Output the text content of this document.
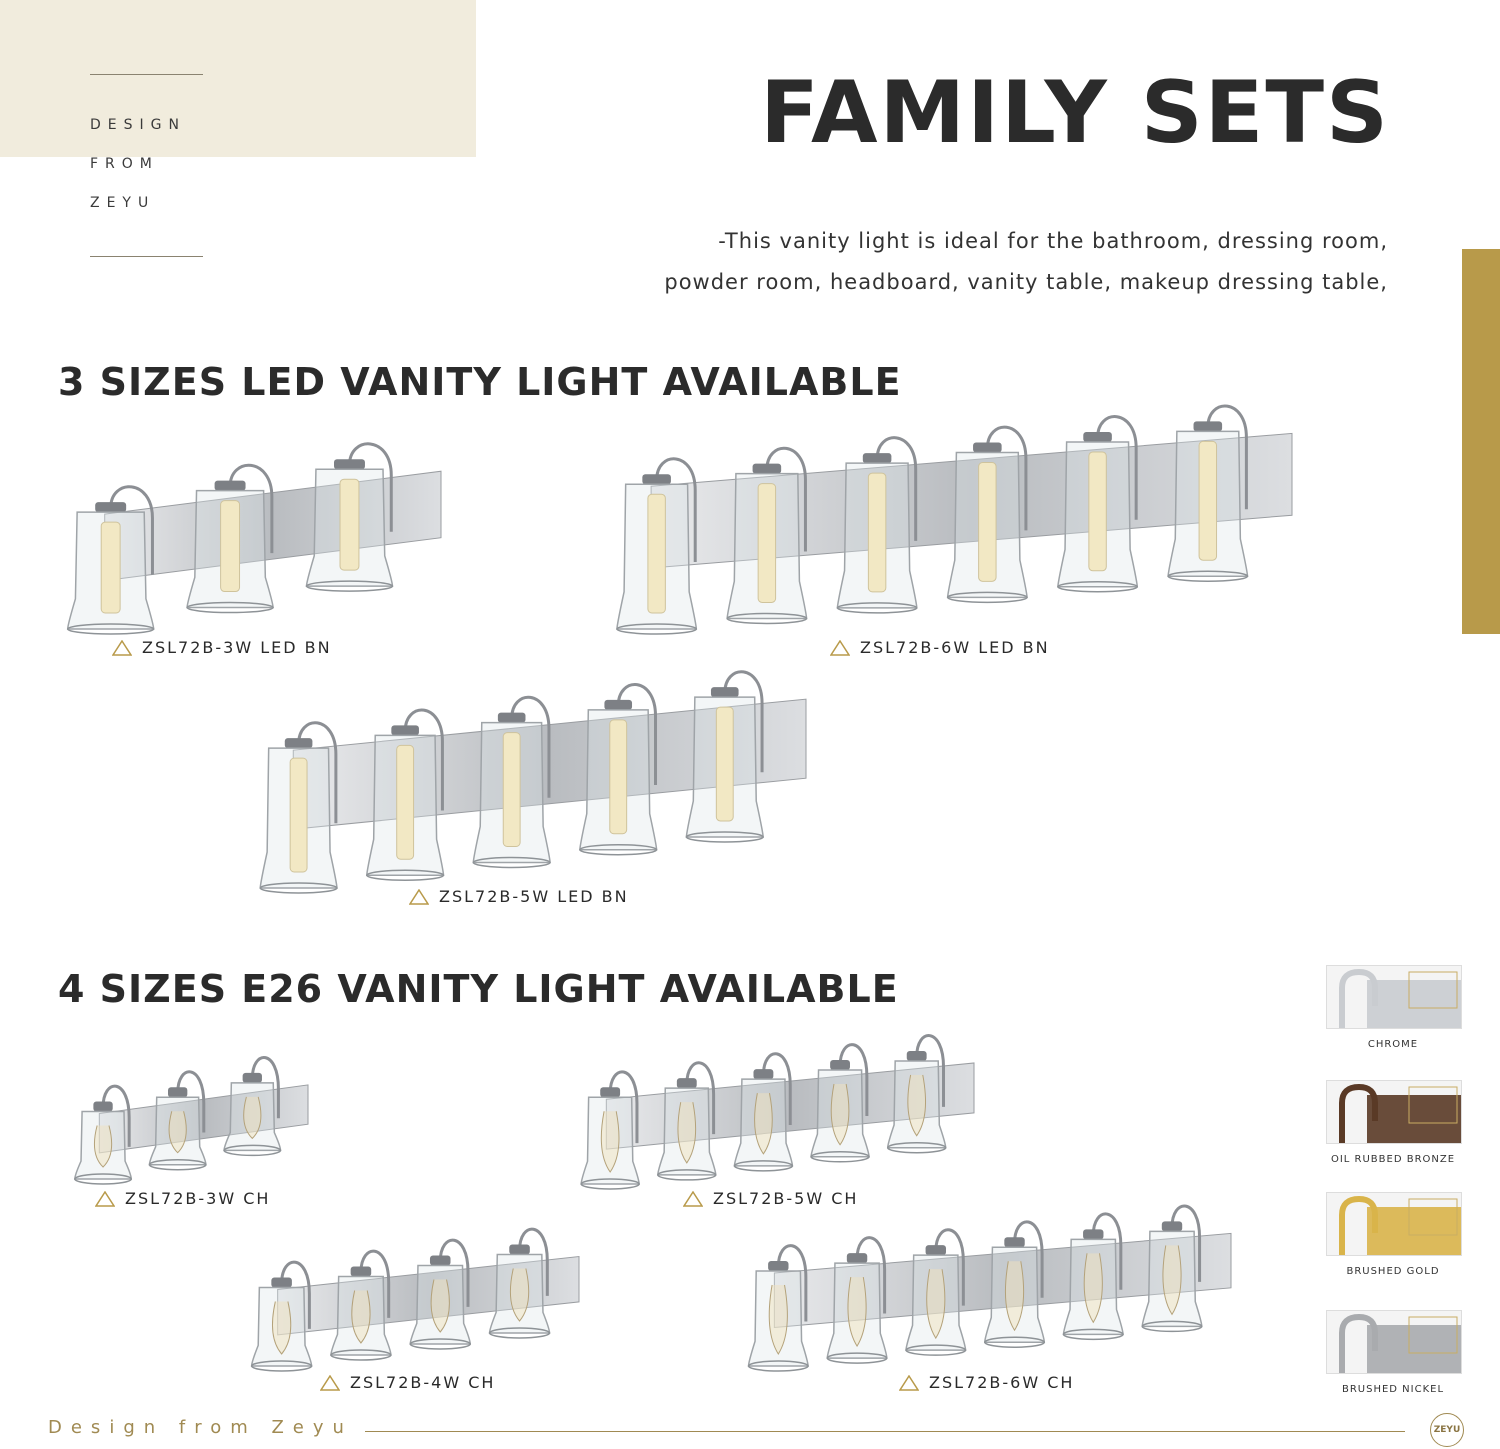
DESIGN
FROM
ZEYU
FAMILY SETS
-This vanity light is ideal for the bathroom, dressing room,
powder room, headboard, vanity table, makeup dressing table,
3 SIZES LED VANITY LIGHT AVAILABLE
ZSL72B-3W LED BN	ZSL72B-6W LED BN
ZSL72B-5W LED BN
4 SIZES E26 VANITY LIGHT AVAILABLE
ZSL72B-3W CH	ZSL72B-5W CH
ZSL72B-4W CH	ZSL72B-6W CH
CHROME
OIL RUBBED BRONZE
BRUSHED GOLD
BRUSHED NICKEL
Design from Zeyu	ZEYU
